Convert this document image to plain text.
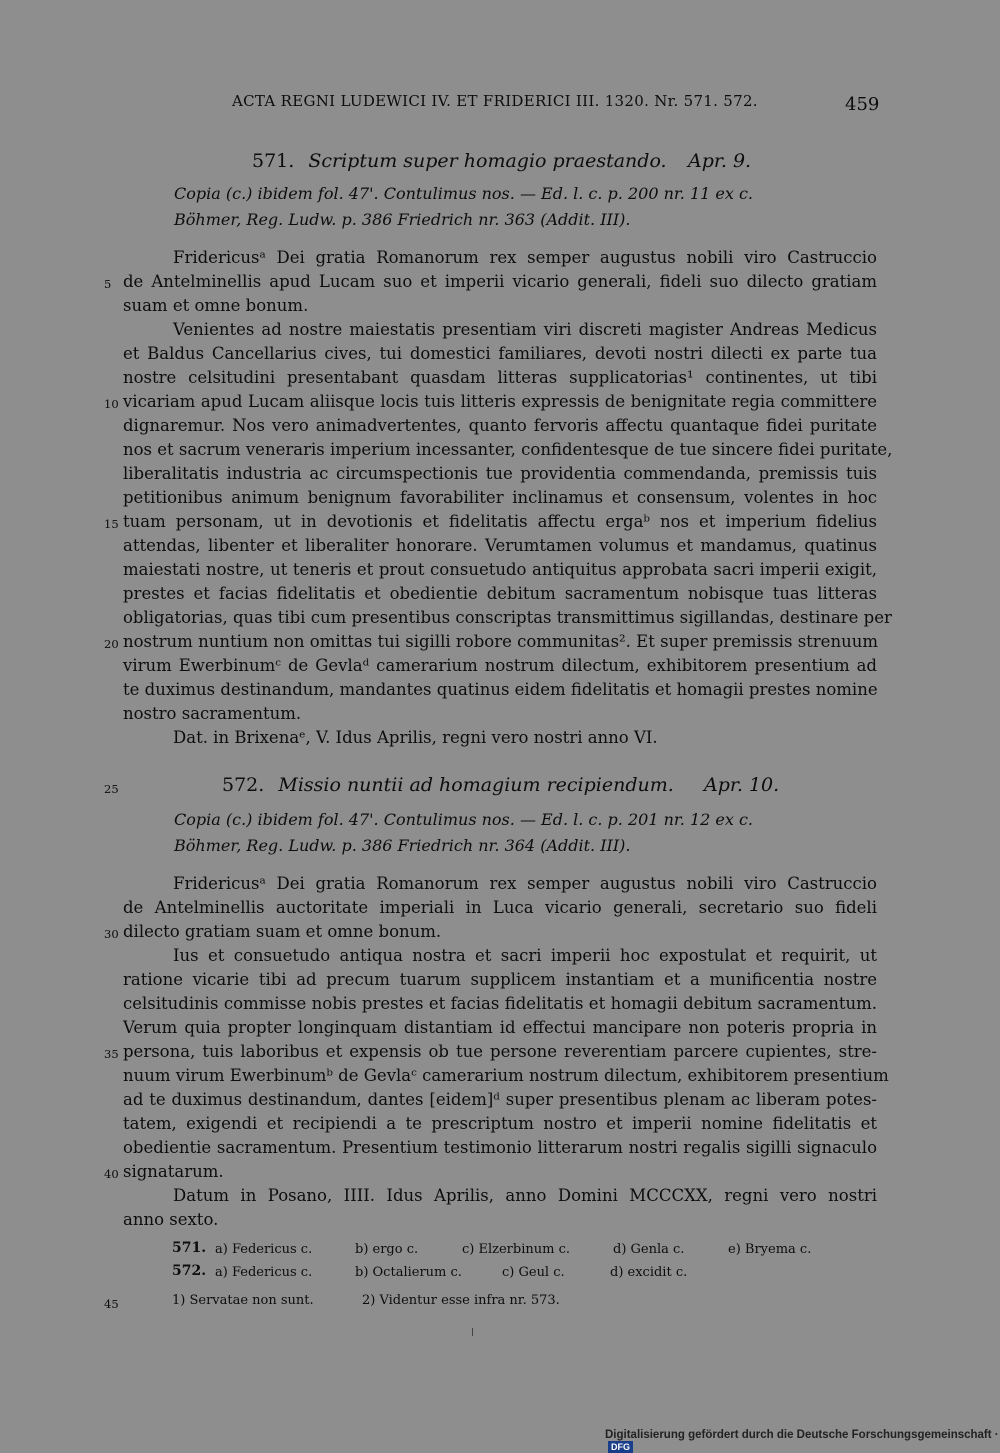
ACTA REGNI LUDEWICI IV. ET FRIDERICI III. 1320. Nr. 571. 572.	459
571. Scriptum super homagio praestando. Apr. 9.
Copia (c.) ibidem fol. 47'. Contulimus nos. — Ed. l. c. p. 200 nr. 11 ex c.
Böhmer, Reg. Ludw. p. 386 Friedrich nr. 363 (Addit. III).
Fridericusᵃ Dei gratia Romanorum rex semper augustus nobili viro Castruccio
de Antelminellis apud Lucam suo et imperii vicario generali, fideli suo dilecto gratiam
suam et omne bonum.
Venientes ad nostre maiestatis presentiam viri discreti magister Andreas Medicus
et Baldus Cancellarius cives, tui domestici familiares, devoti nostri dilecti ex parte tua
nostre celsitudini presentabant quasdam litteras supplicatorias¹ continentes, ut tibi
vicariam apud Lucam aliisque locis tuis litteris expressis de benignitate regia committere
dignaremur. Nos vero animadvertentes, quanto fervoris affectu quantaque fidei puritate
nos et sacrum veneraris imperium incessanter, confidentesque de tue sincere fidei puritate,
liberalitatis industria ac circumspectionis tue providentia commendanda, premissis tuis
petitionibus animum benignum favorabiliter inclinamus et consensum, volentes in hoc
tuam personam, ut in devotionis et fidelitatis affectu ergaᵇ nos et imperium fidelius
attendas, libenter et liberaliter honorare. Verumtamen volumus et mandamus, quatinus
maiestati nostre, ut teneris et prout consuetudo antiquitus approbata sacri imperii exigit,
prestes et facias fidelitatis et obedientie debitum sacramentum nobisque tuas litteras
obligatorias, quas tibi cum presentibus conscriptas transmittimus sigillandas, destinare per
nostrum nuntium non omittas tui sigilli robore communitas². Et super premissis strenuum
virum Ewerbinumᶜ de Gevlaᵈ camerarium nostrum dilectum, exhibitorem presentium ad
te duximus destinandum, mandantes quatinus eidem fidelitatis et homagii prestes nomine
nostro sacramentum.
Dat. in Brixenaᵉ, V. Idus Aprilis, regni vero nostri anno VI.
572. Missio nuntii ad homagium recipiendum. Apr. 10.
Copia (c.) ibidem fol. 47'. Contulimus nos. — Ed. l. c. p. 201 nr. 12 ex c.
Böhmer, Reg. Ludw. p. 386 Friedrich nr. 364 (Addit. III).
Fridericusᵃ Dei gratia Romanorum rex semper augustus nobili viro Castruccio
de Antelminellis auctoritate imperiali in Luca vicario generali, secretario suo fideli
dilecto gratiam suam et omne bonum.
Ius et consuetudo antiqua nostra et sacri imperii hoc expostulat et requirit, ut
ratione vicarie tibi ad precum tuarum supplicem instantiam et a munificentia nostre
celsitudinis commisse nobis prestes et facias fidelitatis et homagii debitum sacramentum.
Verum quia propter longinquam distantiam id effectui mancipare non poteris propria in
persona, tuis laboribus et expensis ob tue persone reverentiam parcere cupientes, stre-
nuum virum Ewerbinumᵇ de Gevlaᶜ camerarium nostrum dilectum, exhibitorem presentium
ad te duximus destinandum, dantes [eidem]ᵈ super presentibus plenam ac liberam potes-
tatem, exigendi et recipiendi a te prescriptum nostro et imperii nomine fidelitatis et
obedientie sacramentum. Presentium testimonio litterarum nostri regalis sigilli signaculo
signatarum.
Datum in Posano, IIII. Idus Aprilis, anno Domini MCCCXX, regni vero nostri
anno sexto.
5
10
15
20
25
30
35
40
45
571. a) Federicus c.	b) ergo c.	c) Elzerbinum c.	d) Genla c.	e) Bryema c.
572. a) Federicus c.	b) Octalierum c.	c) Geul c.	d) excidit c.
1) Servatae non sunt.	2) Videntur esse infra nr. 573.
Digitalisierung gefördert durch die Deutsche Forschungsgemeinschaft ·DFG
